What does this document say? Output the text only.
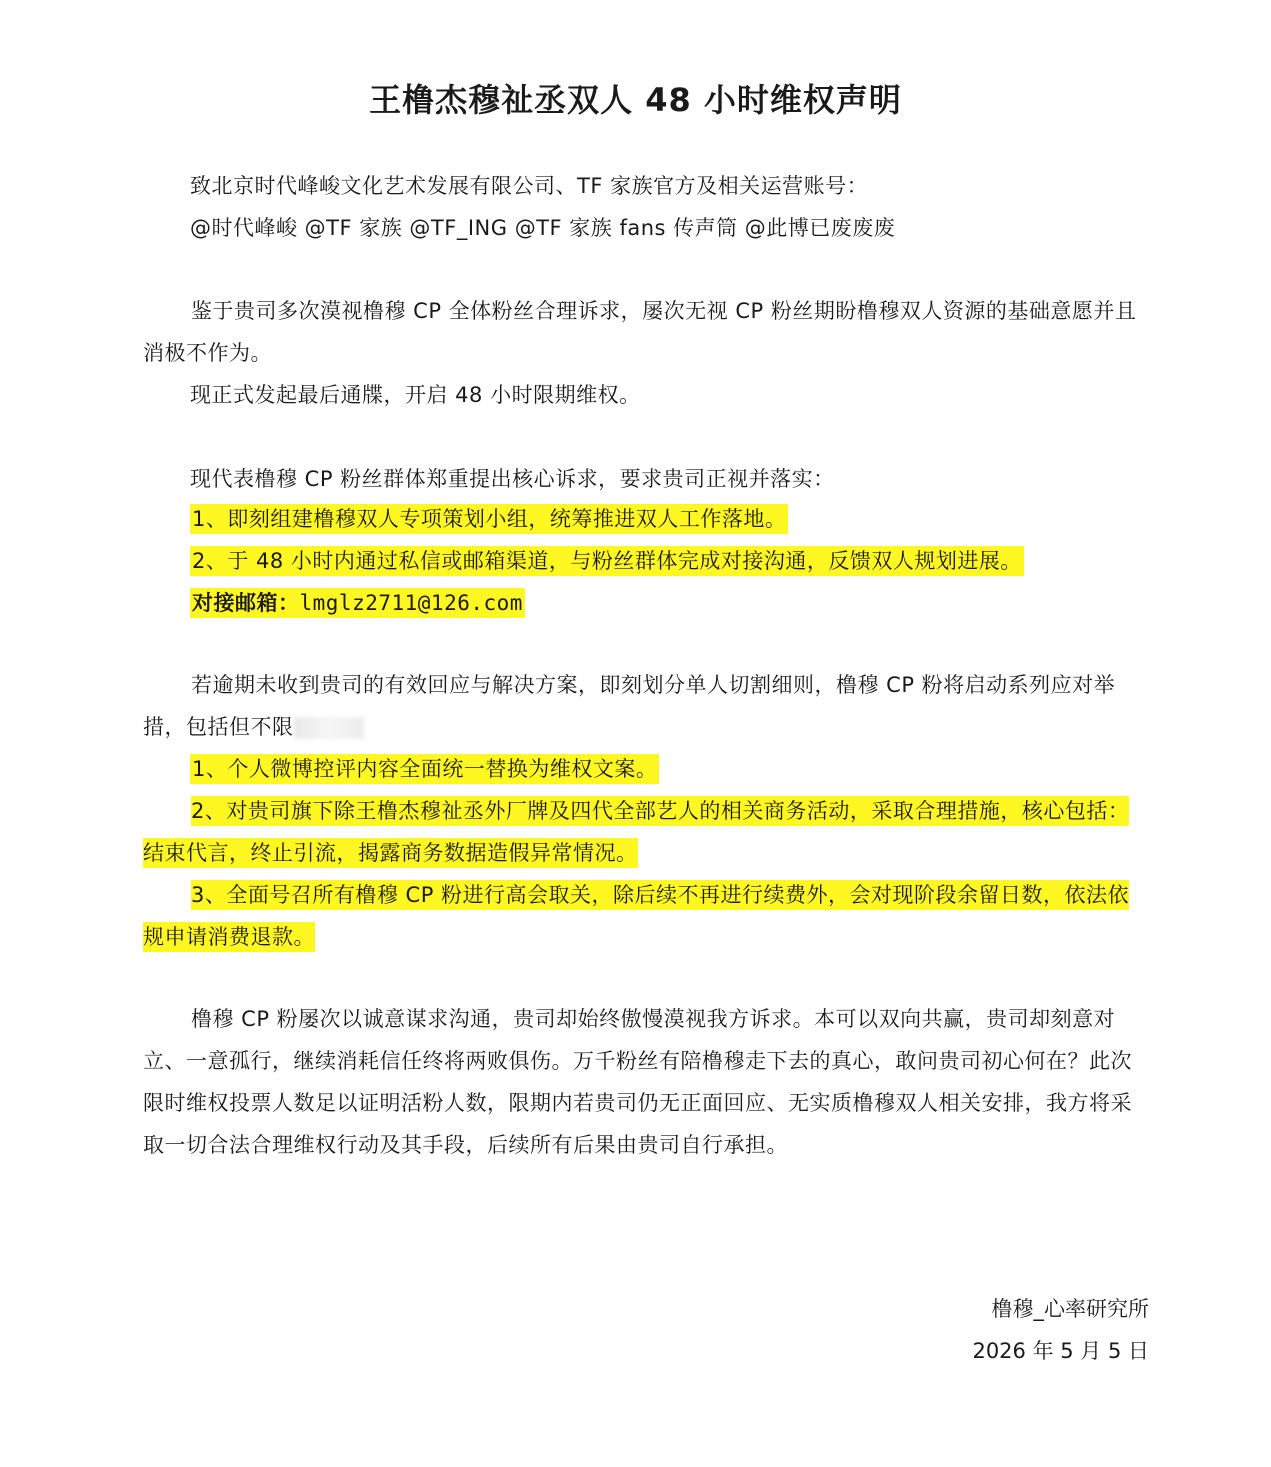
王橹杰穆祉丞双人 48 小时维权声明
致北京时代峰峻文化艺术发展有限公司、TF 家族官方及相关运营账号：
@时代峰峻 @TF 家族 @TF_ING @TF 家族 fans 传声筒 @此博已废废废

鉴于贵司多次漠视橹穆 CP 全体粉丝合理诉求，屡次无视 CP 粉丝期盼橹穆双人资源的基础意愿并且消极不作为。

现正式发起最后通牒，开启 48 小时限期维权。
现代表橹穆 CP 粉丝群体郑重提出核心诉求，要求贵司正视并落实：
1、即刻组建橹穆双人专项策划小组，统筹推进双人工作落地。
2、于 48 小时内通过私信或邮箱渠道，与粉丝群体完成对接沟通，反馈双人规划进展。
对接邮箱：lmglz2711@126.com

若逾期未收到贵司的有效回应与解决方案，即刻划分单人切割细则，橹穆 CP 粉将启动系列应对举措，包括但不限

1、个人微博控评内容全面统一替换为维权文案。

2、对贵司旗下除王橹杰穆祉丞外厂牌及四代全部艺人的相关商务活动，采取合理措施，核心包括：结束代言，终止引流，揭露商务数据造假异常情况。

3、全面号召所有橹穆 CP 粉进行高会取关，除后续不再进行续费外，会对现阶段余留日数，依法依规申请消费退款。

橹穆 CP 粉屡次以诚意谋求沟通，贵司却始终傲慢漠视我方诉求。本可以双向共赢，贵司却刻意对立、一意孤行，继续消耗信任终将两败俱伤。万千粉丝有陪橹穆走下去的真心，敢问贵司初心何在？此次限时维权投票人数足以证明活粉人数，限期内若贵司仍无正面回应、无实质橹穆双人相关安排，我方将采取一切合法合理维权行动及其手段，后续所有后果由贵司自行承担。

橹穆_心率研究所
2026 年 5 月 5 日
